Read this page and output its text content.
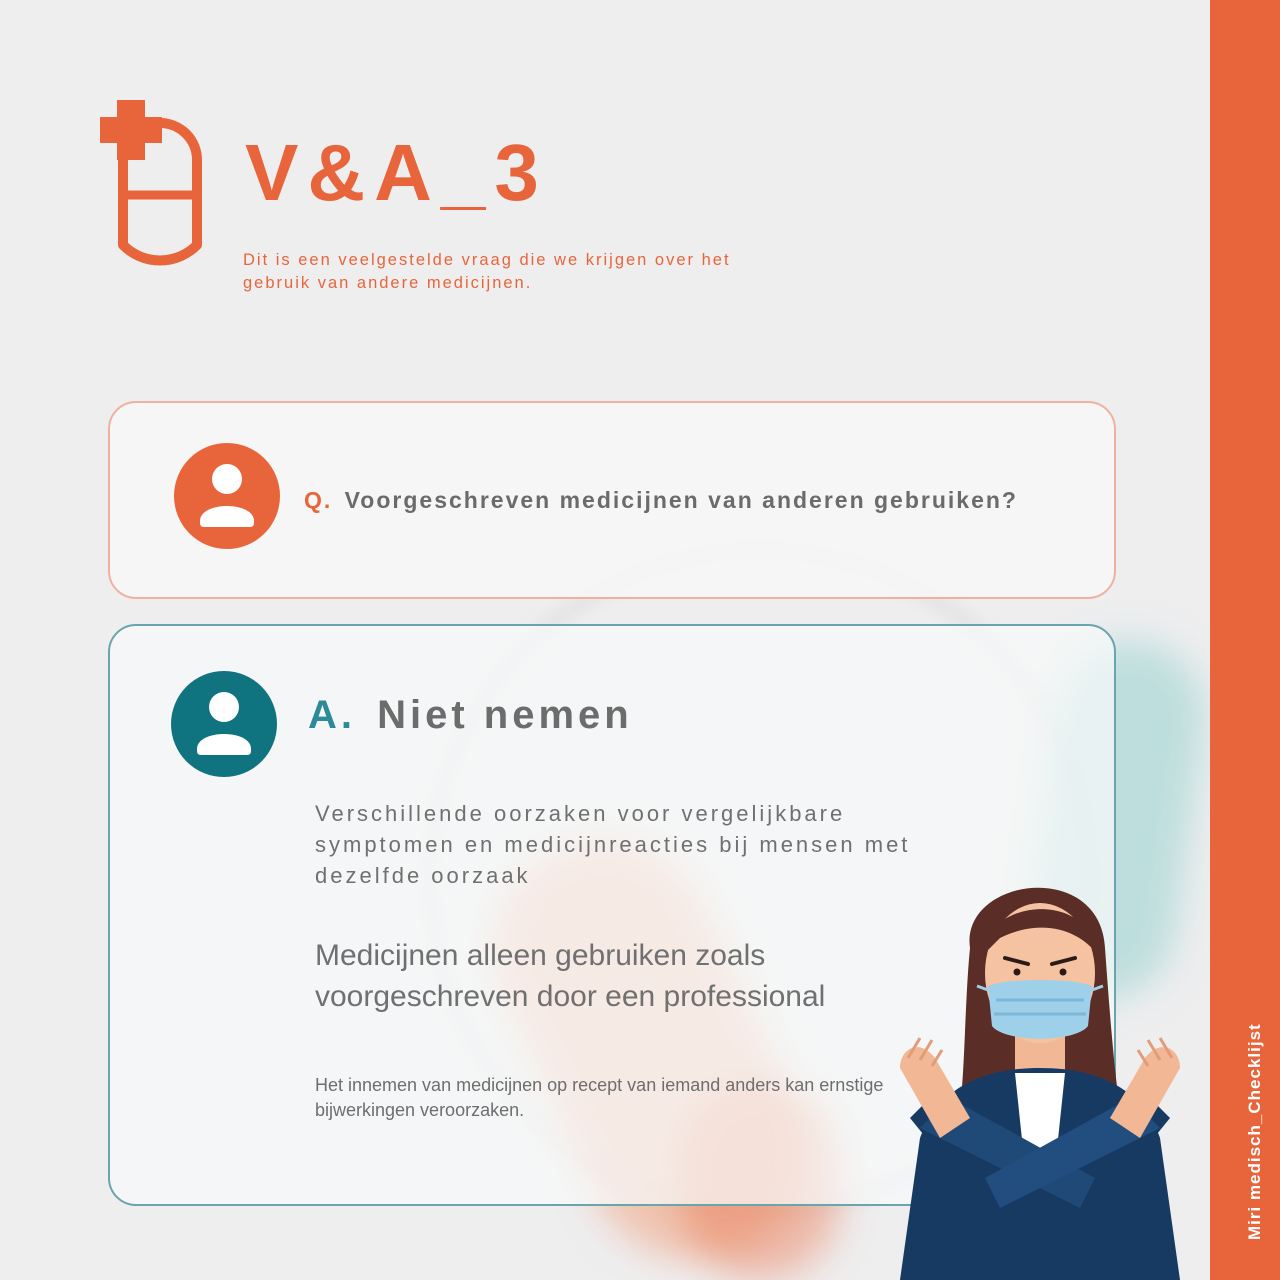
Miri medisch_Checklijst
V&A_3
Dit is een veelgestelde vraag die we krijgen over het gebruik van andere medicijnen.
Q. Voorgeschreven medicijnen van anderen gebruiken?
A. Niet nemen
Verschillende oorzaken voor vergelijkbare symptomen en medicijnreacties bij mensen met dezelfde oorzaak
Medicijnen alleen gebruiken zoals voorgeschreven door een professional
Het innemen van medicijnen op recept van iemand anders kan ernstige bijwerkingen veroorzaken.
